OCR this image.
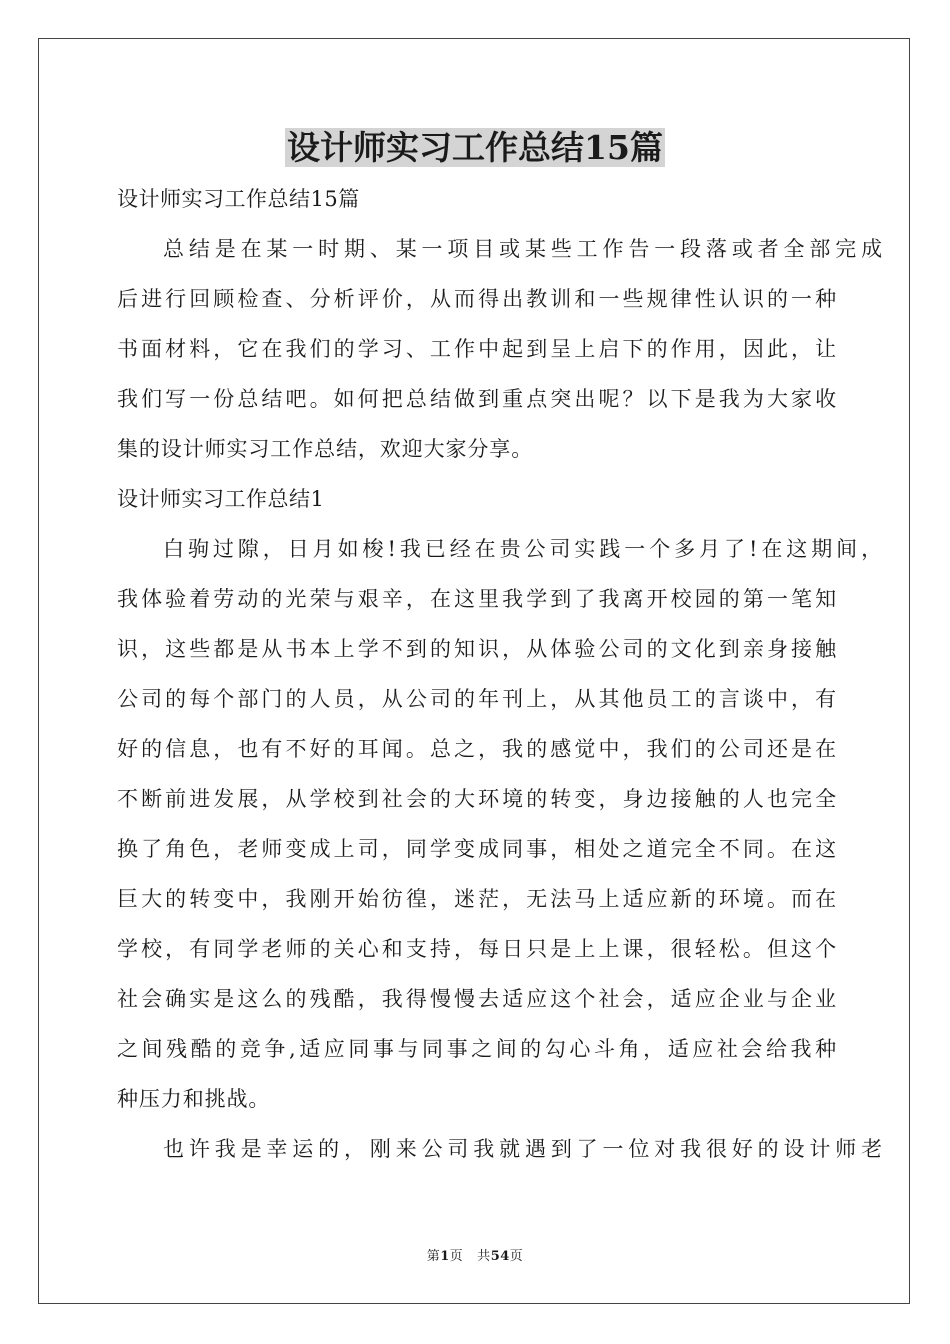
设计师实习工作总结15篇
设计师实习工作总结15篇
总结是在某一时期、某一项目或某些工作告一段落或者全部完成
后进行回顾检查、分析评价，从而得出教训和一些规律性认识的一种
书面材料，它在我们的学习、工作中起到呈上启下的作用，因此，让
我们写一份总结吧。如何把总结做到重点突出呢？以下是我为大家收
集的设计师实习工作总结，欢迎大家分享。
设计师实习工作总结1
白驹过隙，日月如梭!我已经在贵公司实践一个多月了!在这期间，
我体验着劳动的光荣与艰辛，在这里我学到了我离开校园的第一笔知
识，这些都是从书本上学不到的知识，从体验公司的文化到亲身接触
公司的每个部门的人员，从公司的年刊上，从其他员工的言谈中，有
好的信息，也有不好的耳闻。总之，我的感觉中，我们的公司还是在
不断前进发展，从学校到社会的大环境的转变，身边接触的人也完全
换了角色，老师变成上司，同学变成同事，相处之道完全不同。在这
巨大的转变中，我刚开始彷徨，迷茫，无法马上适应新的环境。而在
学校，有同学老师的关心和支持，每日只是上上课，很轻松。但这个
社会确实是这么的残酷，我得慢慢去适应这个社会，适应企业与企业
之间残酷的竞争,适应同事与同事之间的勾心斗角，适应社会给我种
种压力和挑战。
也许我是幸运的，刚来公司我就遇到了一位对我很好的设计师老
第1页 共54页
